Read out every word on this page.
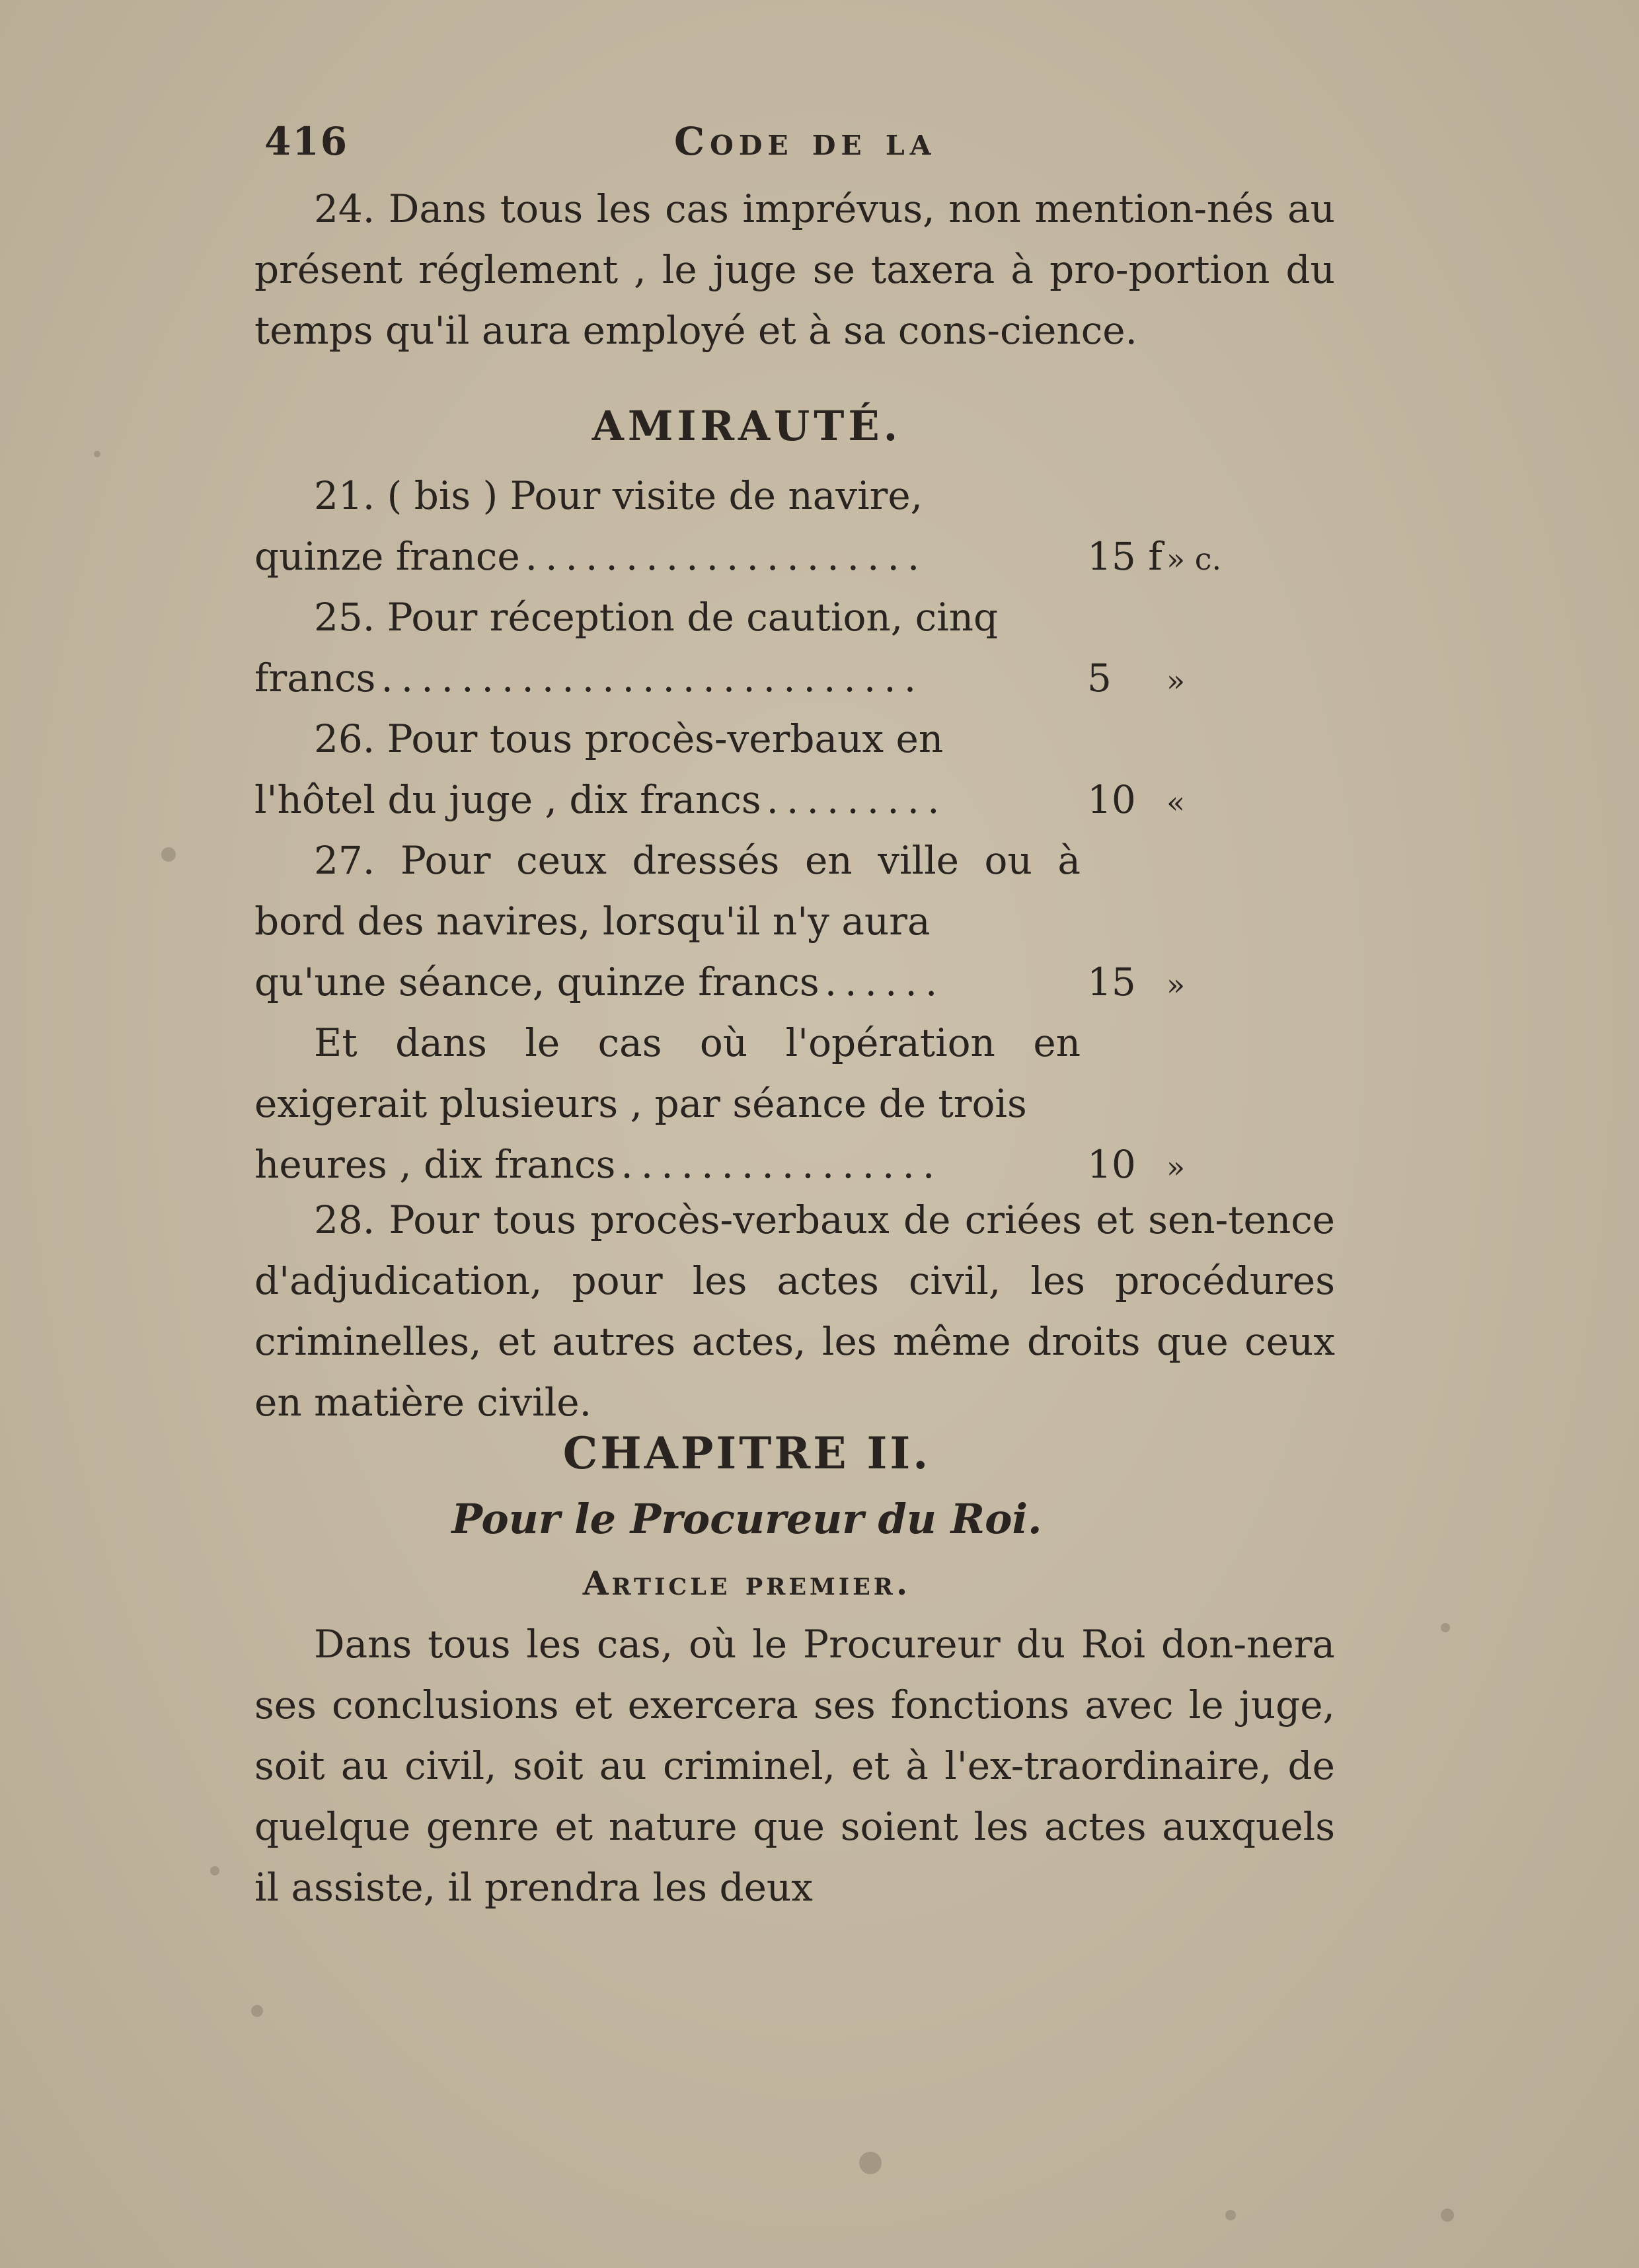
416	Code de la

24. Dans tous les cas imprévus, non mention-nés au présent réglement , le juge se taxera à pro-portion du temps qu'il aura employé et à sa cons-cience.

AMIRAUTÉ.
21. ( bis ) Pour visite de navire,
quinze france ....................	15 f » c.
25. Pour réception de caution, cinq
francs ...........................	5	»
26. Pour tous procès-verbaux en
l'hôtel du juge , dix francs .........	10	«
27. Pour ceux dressés en ville ou à bord des navires, lorsqu'il n'y aura
qu'une séance, quinze francs ......	15	»
Et dans le cas où l'opération en exigerait plusieurs , par séance de trois
heures , dix francs ................	10	»

28. Pour tous procès-verbaux de criées et sen-tence d'adjudication, pour les actes civil, les procédures criminelles, et autres actes, les même droits que ceux en matière civile.

CHAPITRE II.
Pour le Procureur du Roi.
Article premier.

Dans tous les cas, où le Procureur du Roi don-nera ses conclusions et exercera ses fonctions avec le juge, soit au civil, soit au criminel, et à l'ex-traordinaire, de quelque genre et nature que soient les actes auxquels il assiste, il prendra les deux
